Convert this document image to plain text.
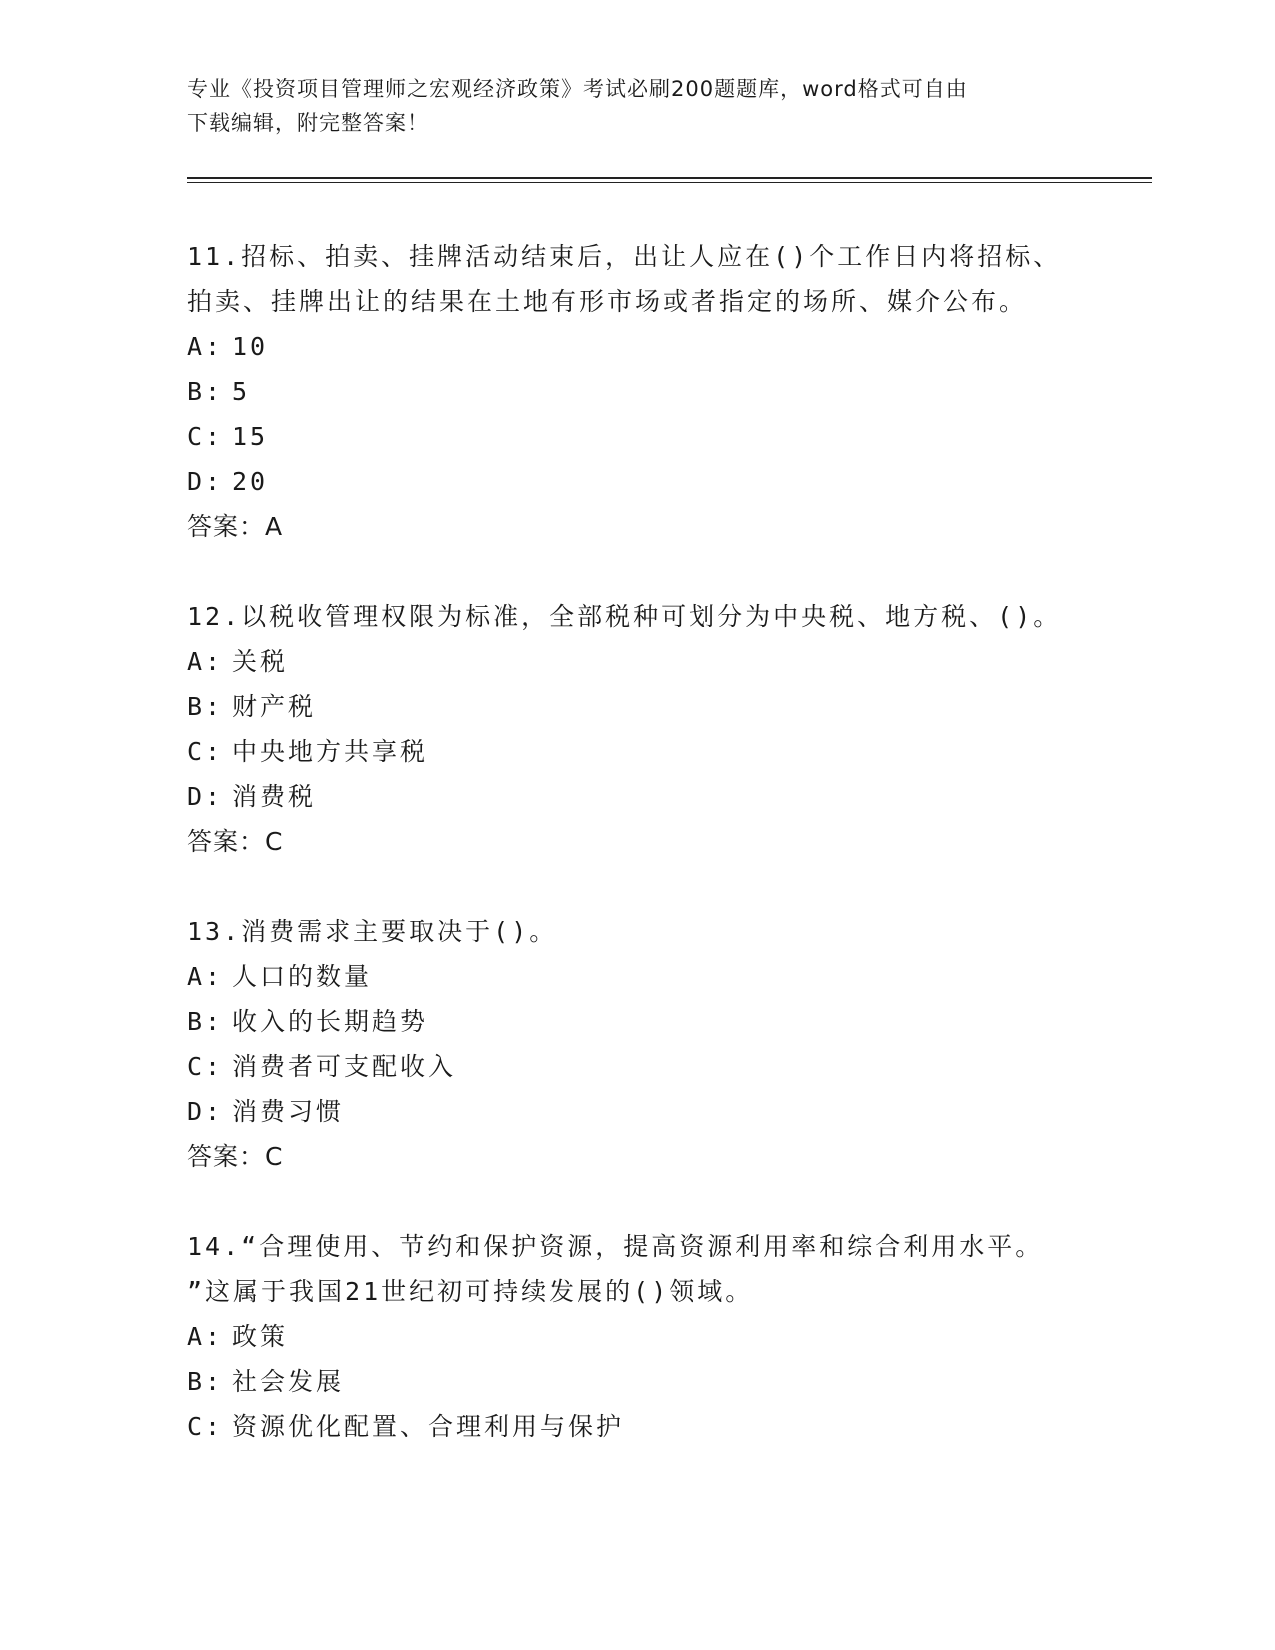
专业《投资项目管理师之宏观经济政策》考试必刷200题题库，word格式可自由
下载编辑，附完整答案！
11.招标、拍卖、挂牌活动结束后，出让人应在()个工作日内将招标、
拍卖、挂牌出让的结果在土地有形市场或者指定的场所、媒介公布。
A: 10
B: 5
C: 15
D: 20
答案：A
12.以税收管理权限为标准，全部税种可划分为中央税、地方税、()。
A: 关税
B: 财产税
C: 中央地方共享税
D: 消费税
答案：C
13.消费需求主要取决于()。
A: 人口的数量
B: 收入的长期趋势
C: 消费者可支配收入
D: 消费习惯
答案：C
14.“合理使用、节约和保护资源，提高资源利用率和综合利用水平。
”这属于我国21世纪初可持续发展的()领域。
A: 政策
B: 社会发展
C: 资源优化配置、合理利用与保护
